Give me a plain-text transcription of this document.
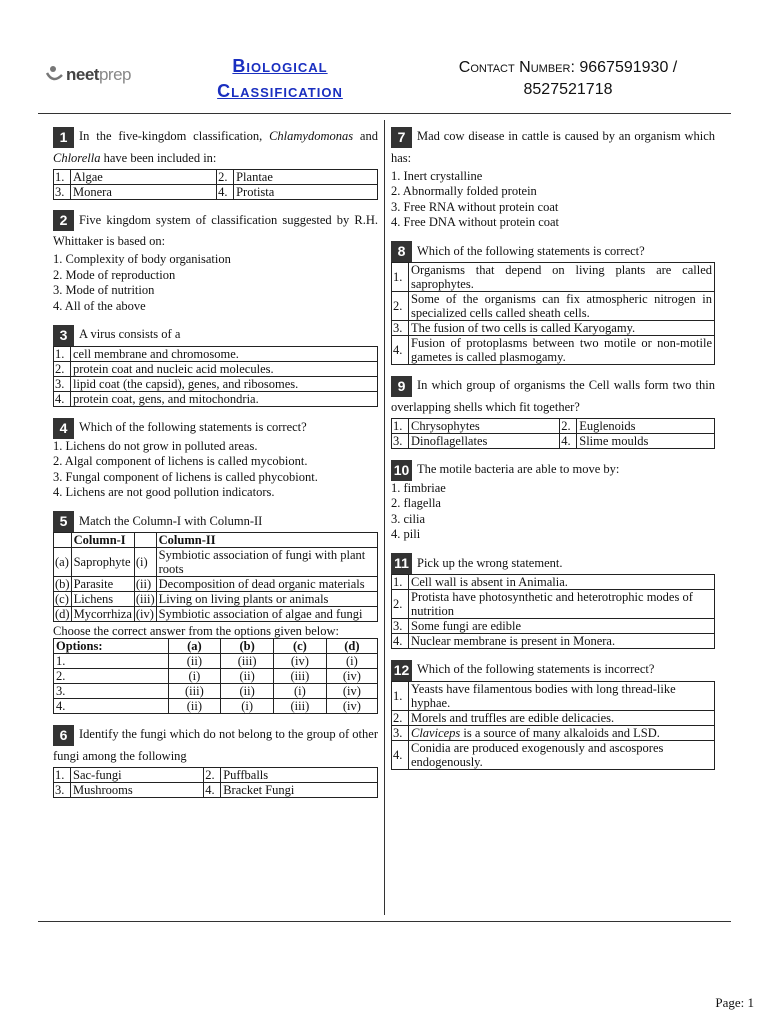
neetprep	Biological
Classification
Contact Number: 9667591930 /
8527521718
1 In the five-kingdom classification, Chlamydomonas and Chlorella have been included in:
1.	Algae	2.	Plantae
3.	Monera	4.	Protista
2 Five kingdom system of classification suggested by R.H. Whittaker is based on:
1. Complexity of body organisation
2. Mode of reproduction
3. Mode of nutrition
4. All of the above
3 A virus consists of a
1.	cell membrane and chromosome.
2.	protein coat and nucleic acid molecules.
3.	lipid coat (the capsid), genes, and ribosomes.
4.	protein coat, gens, and mitochondria.
4 Which of the following statements is correct?
1. Lichens do not grow in polluted areas.
2. Algal component of lichens is called mycobiont.
3. Fungal component of lichens is called phycobiont.
4. Lichens are not good pollution indicators.
5 Match the Column-I with Column-II
	Column-I		Column-II
(a)	Saprophyte	(i)	Symbiotic association of fungi with plant roots
(b)	Parasite	(ii)	Decomposition of dead organic materials
(c)	Lichens	(iii)	Living on living plants or animals
(d)	Mycorrhiza	(iv)	Symbiotic association of algae and fungi
Choose the correct answer from the options given below:
Options:	(a)	(b)	(c)	(d)
1.	(ii)	(iii)	(iv)	(i)
2.	(i)	(ii)	(iii)	(iv)
3.	(iii)	(ii)	(i)	(iv)
4.	(ii)	(i)	(iii)	(iv)
6 Identify the fungi which do not belong to the group of other fungi among the following
1.	Sac-fungi	2.	Puffballs
3.	Mushrooms	4.	Bracket Fungi
7 Mad cow disease in cattle is caused by an organism which has:
1. Inert crystalline
2. Abnormally folded protein
3. Free RNA without protein coat
4. Free DNA without protein coat
8 Which of the following statements is correct?
1.	Organisms that depend on living plants are called saprophytes.
2.	Some of the organisms can fix atmospheric nitrogen in specialized cells called sheath cells.
3.	The fusion of two cells is called Karyogamy.
4.	Fusion of protoplasms between two motile or non-motile gametes is called plasmogamy.
9 In which group of organisms the Cell walls form two thin overlapping shells which fit together?
1.	Chrysophytes	2.	Euglenoids
3.	Dinoflagellates	4.	Slime moulds
10 The motile bacteria are able to move by:
1. fimbriae
2. flagella
3. cilia
4. pili
11 Pick up the wrong statement.
1.	Cell wall is absent in Animalia.
2.	Protista have photosynthetic and heterotrophic modes of nutrition
3.	Some fungi are edible
4.	Nuclear membrane is present in Monera.
12 Which of the following statements is incorrect?
1.	Yeasts have filamentous bodies with long thread-like hyphae.
2.	Morels and truffles are edible delicacies.
3.	Claviceps is a source of many alkaloids and LSD.
4.	Conidia are produced exogenously and ascospores endogenously.
Page: 1
